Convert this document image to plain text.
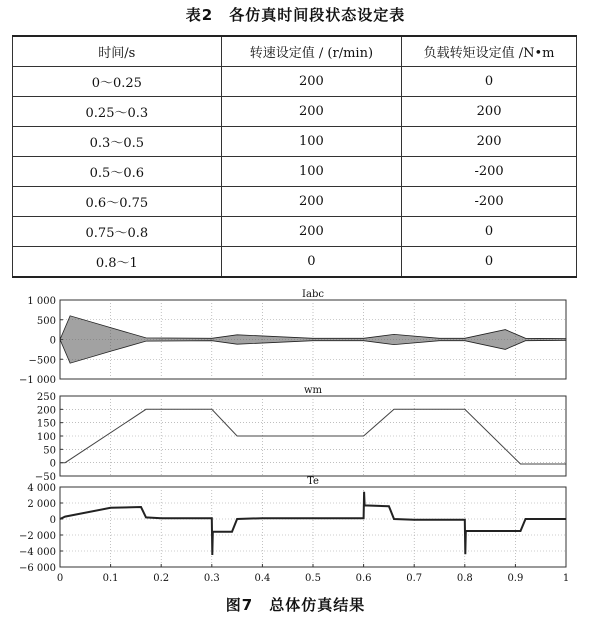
表2　各仿真时间段状态设定表
时间/s	转速设定值 / (r/min)	负载转矩设定值 /N•m
0～0.25	200	0
0.25～0.3	200	200
0.3～0.5	100	200
0.5～0.6	100	-200
0.6～0.75	200	-200
0.75～0.8	200	0
0.8～1	0	0
−1 000
−500
0
500
1 000
Iabc
−50
0
50
100
150
200
250
wm
−6 000
−4 000
−2 000
0
2 000
4 000
Te
0	0.1	0.2	0.3	0.4	0.5	0.6	0.7	0.8	0.9	1
图7　总体仿真结果
